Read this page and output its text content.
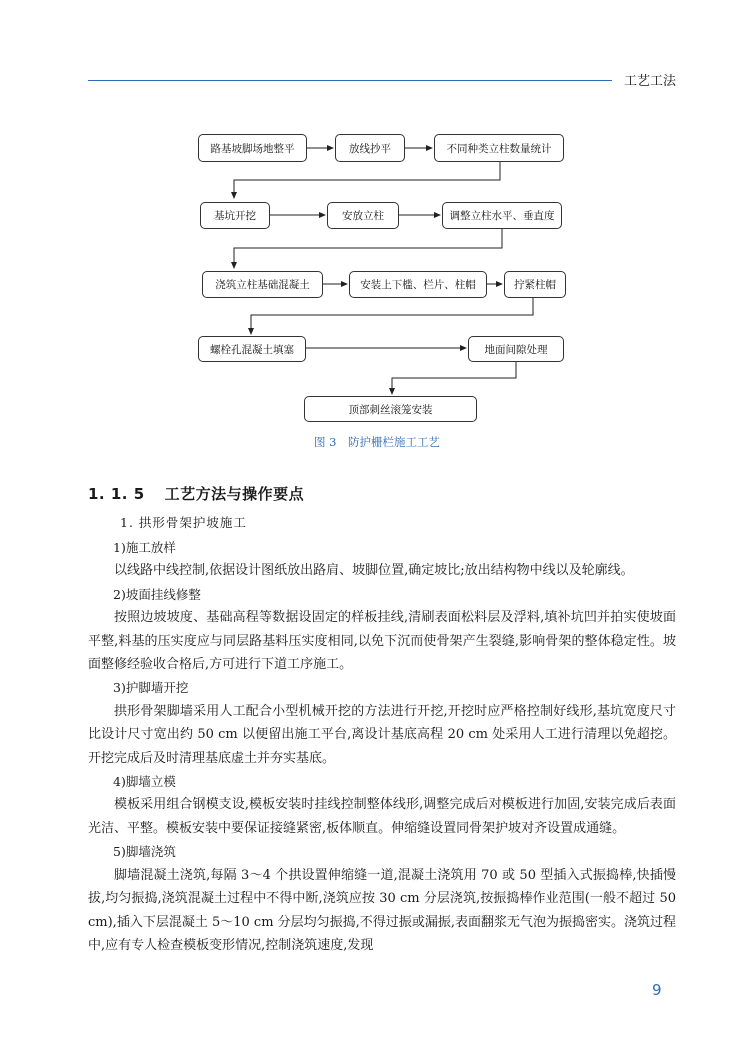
工艺工法
路基坡脚场地整平	放线抄平	不同种类立柱数量统计
基坑开挖	安放立柱	调整立柱水平、垂直度
浇筑立柱基础混凝土	安装上下槛、栏片、柱帽	拧紧柱帽
螺栓孔混凝土填塞	地面间隙处理
顶部刺丝滚笼安装
图 3　防护栅栏施工工艺
1. 1. 5 工艺方法与操作要点
1. 拱形骨架护坡施工

1)施工放样

以线路中线控制,依据设计图纸放出路肩、坡脚位置,确定坡比;放出结构物中线以及轮廓线。

2)坡面挂线修整

按照边坡坡度、基础高程等数据设固定的样板挂线,清刷表面松料层及浮料,填补坑凹并拍实使坡面平整,料基的压实度应与同层路基料压实度相同,以免下沉而使骨架产生裂缝,影响骨架的整体稳定性。坡面整修经验收合格后,方可进行下道工序施工。

3)护脚墙开挖

拱形骨架脚墙采用人工配合小型机械开挖的方法进行开挖,开挖时应严格控制好线形,基坑宽度尺寸比设计尺寸宽出约 50 cm 以便留出施工平台,离设计基底高程 20 cm 处采用人工进行清理以免超挖。开挖完成后及时清理基底虚土并夯实基底。

4)脚墙立模

模板采用组合钢模支设,模板安装时挂线控制整体线形,调整完成后对模板进行加固,安装完成后表面光洁、平整。模板安装中要保证接缝紧密,板体顺直。伸缩缝设置同骨架护坡对齐设置成通缝。

5)脚墙浇筑

脚墙混凝土浇筑,每隔 3～4 个拱设置伸缩缝一道,混凝土浇筑用 70 或 50 型插入式振捣棒,快插慢拔,均匀振捣,浇筑混凝土过程中不得中断,浇筑应按 30 cm 分层浇筑,按振捣棒作业范围(一般不超过 50 cm),插入下层混凝土 5～10 cm 分层均匀振捣,不得过振或漏振,表面翻浆无气泡为振捣密实。浇筑过程中,应有专人检查模板变形情况,控制浇筑速度,发现

9
